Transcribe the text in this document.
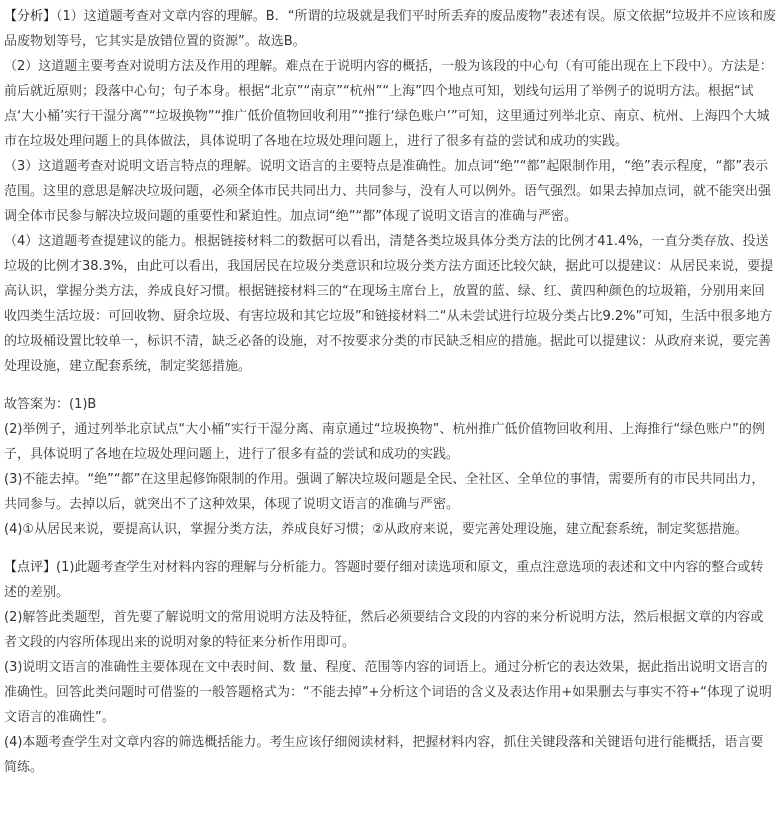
【分析】（1）这道题考查对文章内容的理解。B．“所谓的垃圾就是我们平时所丢弃的废品废物”表述有误。原文依据“垃圾并不应该和废品废物划等号，它其实是放错位置的资源”。故选B。

（2）这道题主要考查对说明方法及作用的理解。难点在于说明内容的概括，一般为该段的中心句（有可能出现在上下段中）。方法是：前后就近原则；段落中心句；句子本身。根据“北京”“南京”“杭州”“上海”四个地点可知，划线句运用了举例子的说明方法。根据“试点‘大小桶’实行干湿分离”“垃圾换物”“推广低价值物回收利用”“推行‘绿色账户’”可知，这里通过列举北京、南京、杭州、上海四个大城市在垃圾处理问题上的具体做法，具体说明了各地在垃圾处理问题上，进行了很多有益的尝试和成功的实践。

（3）这道题考查对说明文语言特点的理解。说明文语言的主要特点是准确性。加点词“绝”“都”起限制作用，“绝”表示程度，“都”表示范围。这里的意思是解决垃圾问题，必须全体市民共同出力、共同参与，没有人可以例外。语气强烈。如果去掉加点词，就不能突出强调全体市民参与解决垃圾问题的重要性和紧迫性。加点词“绝”“都”体现了说明文语言的准确与严密。

（4）这道题考查提建议的能力。根据链接材料二的数据可以看出，清楚各类垃圾具体分类方法的比例才41.4%，一直分类存放、投送垃圾的比例才38.3%，由此可以看出，我国居民在垃圾分类意识和垃圾分类方法方面还比较欠缺，据此可以提建议：从居民来说，要提高认识，掌握分类方法，养成良好习惯。根据链接材料三的“在现场主席台上，放置的蓝、绿、红、黄四种颜色的垃圾箱，分别用来回收四类生活垃圾：可回收物、厨余垃圾、有害垃圾和其它垃圾”和链接材料二“从未尝试进行垃圾分类占比9.2%”可知，生活中很多地方的垃圾桶设置比较单一，标识不清，缺乏必备的设施，对不按要求分类的市民缺乏相应的措施。据此可以提建议：从政府来说，要完善处理设施，建立配套系统，制定奖惩措施。

故答案为：(1)B

(2)举例子，通过列举北京试点“大小桶”实行干湿分离、南京通过“垃圾换物”、杭州推广低价值物回收利用、上海推行“绿色账户”的例子，具体说明了各地在垃圾处理问题上，进行了很多有益的尝试和成功的实践。

(3)不能去掉。“绝”“都”在这里起修饰限制的作用。强调了解决垃圾问题是全民、全社区、全单位的事情，需要所有的市民共同出力，共同参与。去掉以后，就突出不了这种效果，体现了说明文语言的准确与严密。

(4)①从居民来说，要提高认识，掌握分类方法，养成良好习惯；②从政府来说，要完善处理设施，建立配套系统，制定奖惩措施。

【点评】(1)此题考查学生对材料内容的理解与分析能力。答题时要仔细对读选项和原文，重点注意选项的表述和文中内容的整合或转述的差别。

(2)解答此类题型，首先要了解说明文的常用说明方法及特征，然后必须要结合文段的内容的来分析说明方法，然后根据文章的内容或者文段的内容所体现出来的说明对象的特征来分析作用即可。

(3)说明文语言的准确性主要体现在文中表时间、数 量、程度、范围等内容的词语上。通过分析它的表达效果，据此指出说明文语言的准确性。回答此类问题时可借鉴的一般答题格式为：“不能去掉”+分析这个词语的含义及表达作用+如果删去与事实不符+“体现了说明文语言的准确性”。

(4)本题考查学生对文章内容的筛选概括能力。考生应该仔细阅读材料，把握材料内容，抓住关键段落和关键语句进行能概括，语言要简练。
